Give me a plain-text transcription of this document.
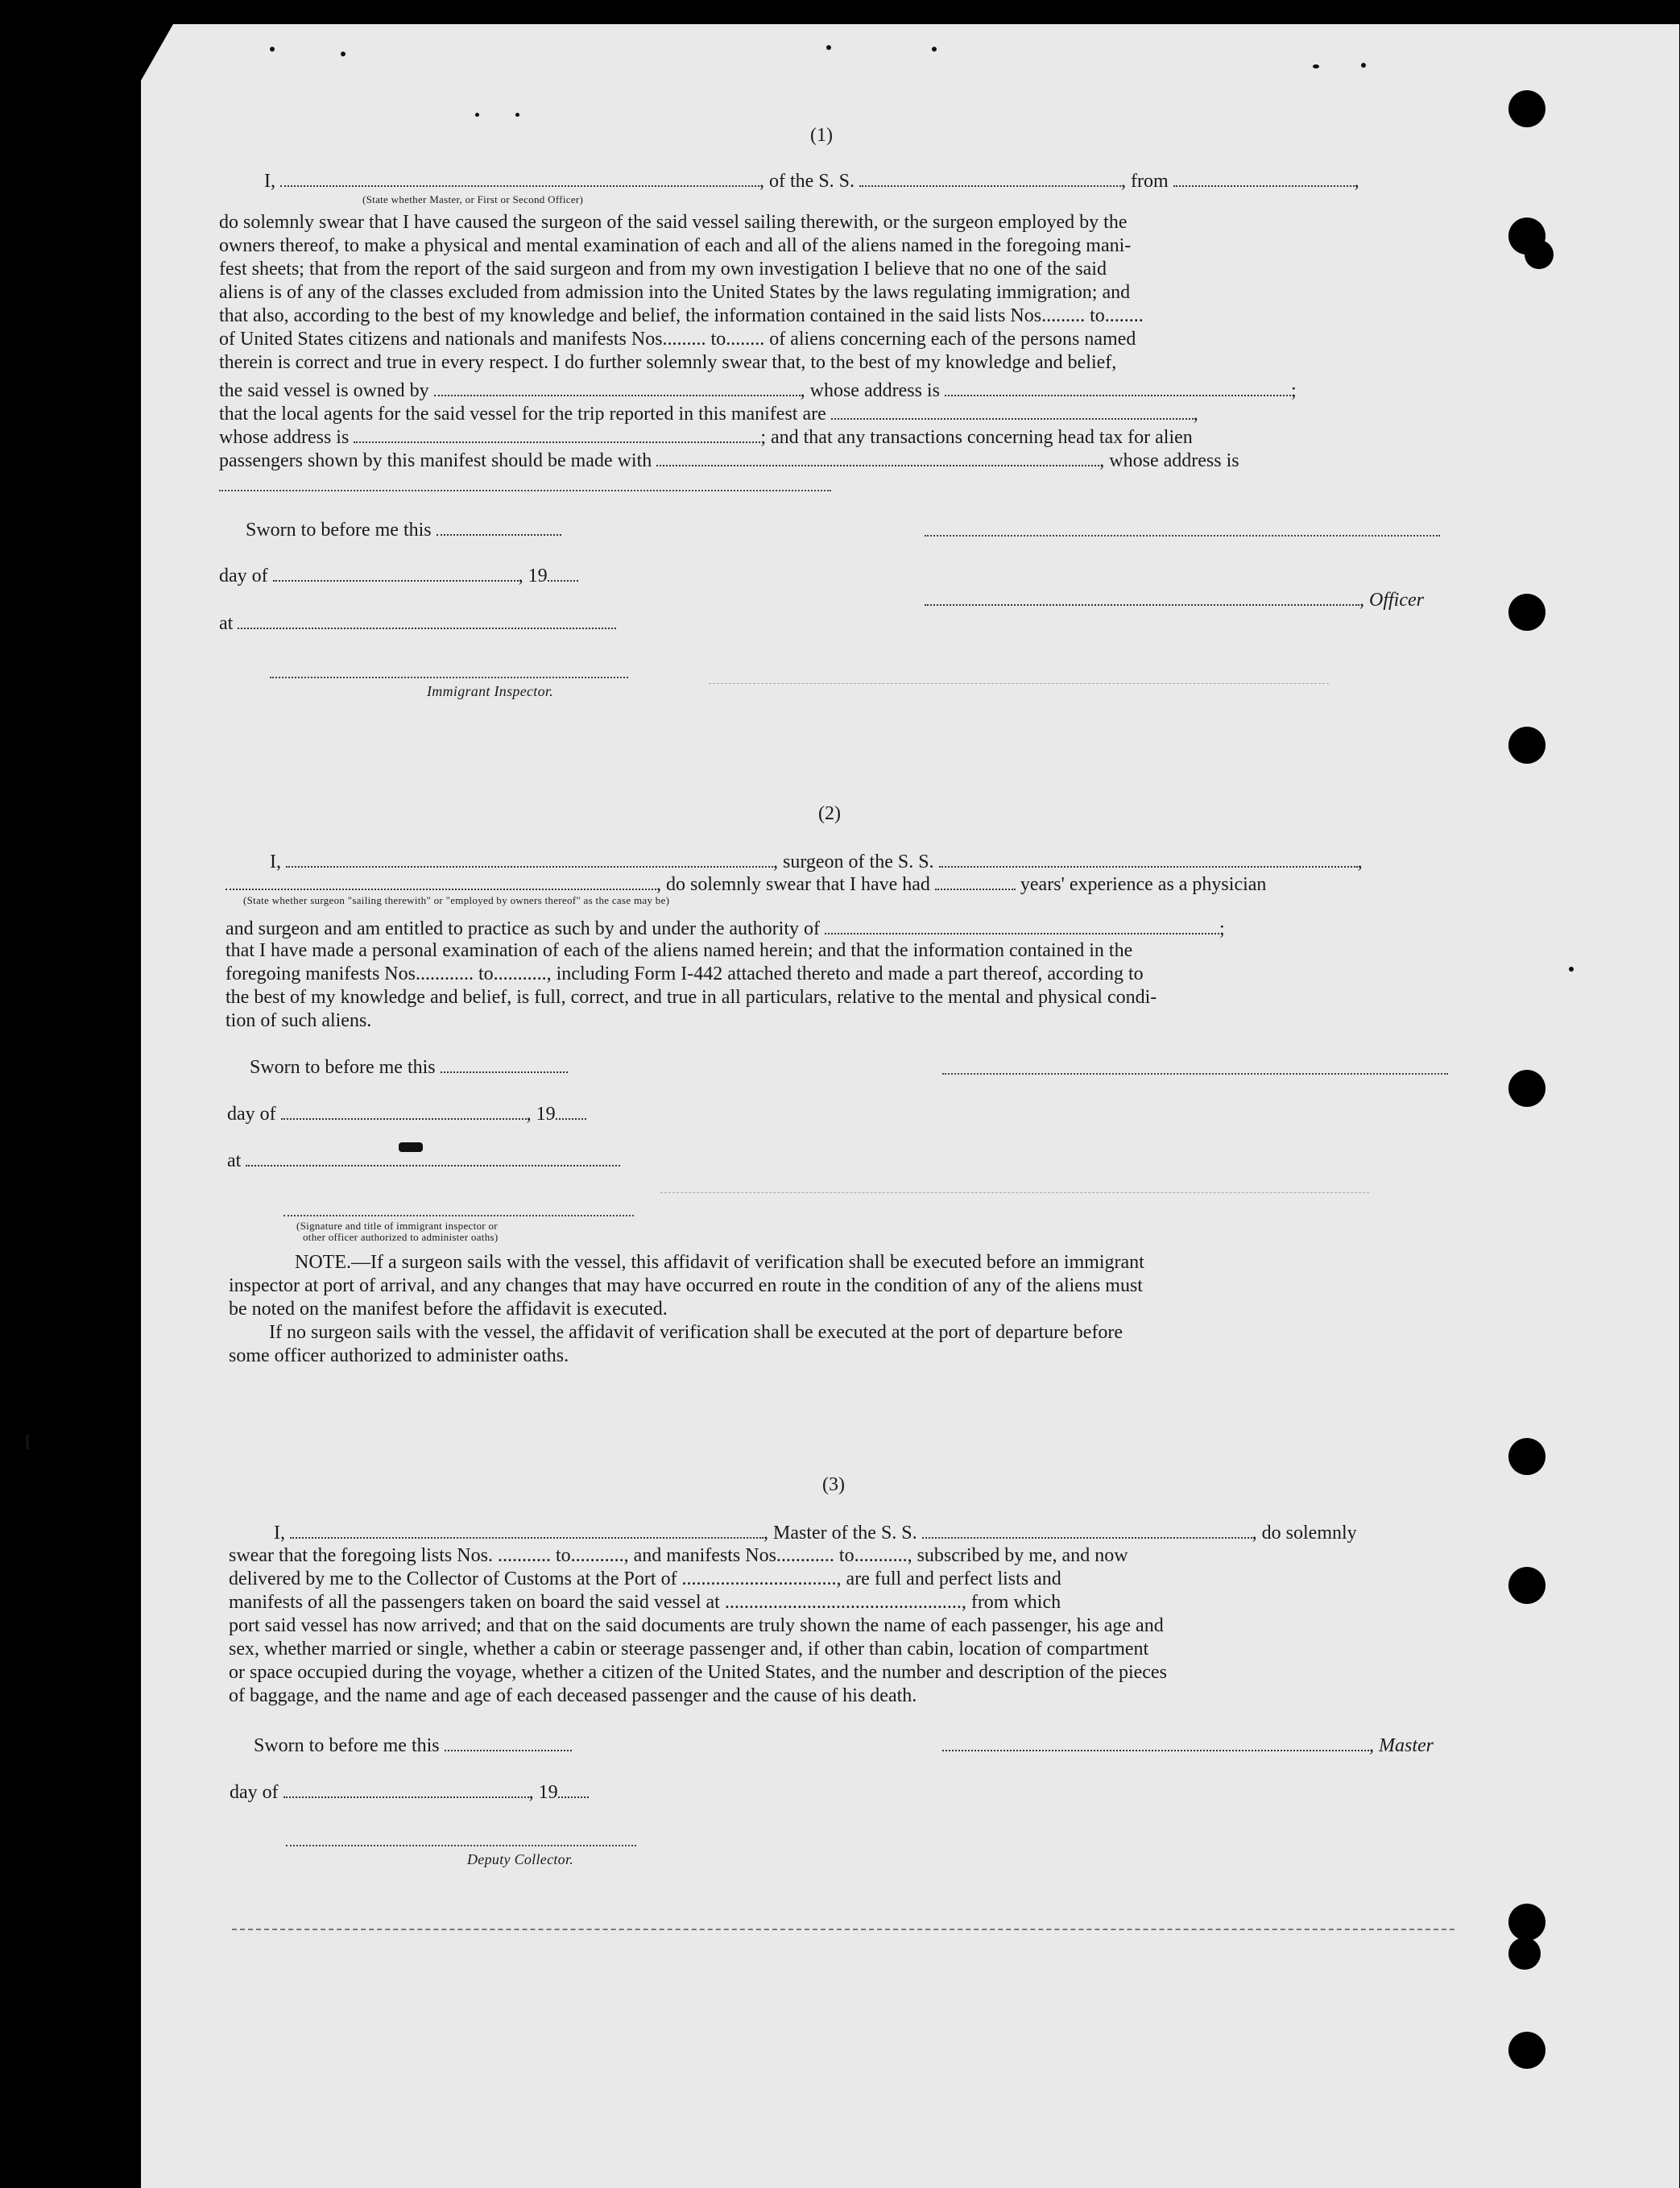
(1)
I,	, of the S. S.	, from	,
(State whether Master, or First or Second Officer)
do solemnly swear that I have caused the surgeon of the said vessel sailing therewith, or the surgeon employed by the
owners thereof, to make a physical and mental examination of each and all of the aliens named in the foregoing mani-
fest sheets; that from the report of the said surgeon and from my own investigation I believe that no one of the said
aliens is of any of the classes excluded from admission into the United States by the laws regulating immigration; and
that also, according to the best of my knowledge and belief, the information contained in the said lists Nos......... to........
of United States citizens and nationals and manifests Nos......... to........ of aliens concerning each of the persons named
therein is correct and true in every respect. I do further solemnly swear that, to the best of my knowledge and belief,
the said vessel is owned by	, whose address is	;
that the local agents for the said vessel for the trip reported in this manifest are	,
whose address is	; and that any transactions concerning head tax for alien
passengers shown by this manifest should be made with	, whose address is
Sworn to before me this
day of	, 19
, Officer
at
Immigrant Inspector.
(2)
I,	, surgeon of the S. S.	,
, do solemnly swear that I have had	years' experience as a physician
(State whether surgeon "sailing therewith" or "employed by owners thereof" as the case may be)
and surgeon and am entitled to practice as such by and under the authority of	;
that I have made a personal examination of each of the aliens named herein; and that the information contained in the
foregoing manifests Nos............ to..........., including Form I-442 attached thereto and made a part thereof, according to
the best of my knowledge and belief, is full, correct, and true in all particulars, relative to the mental and physical condi-
tion of such aliens.
Sworn to before me this
day of	, 19
at
(Signature and title of immigrant inspector or
other officer authorized to administer oaths)
NOTE.—If a surgeon sails with the vessel, this affidavit of verification shall be executed before an immigrant
inspector at port of arrival, and any changes that may have occurred en route in the condition of any of the aliens must
be noted on the manifest before the affidavit is executed.
If no surgeon sails with the vessel, the affidavit of verification shall be executed at the port of departure before
some officer authorized to administer oaths.
(3)
I,	, Master of the S. S.	, do solemnly
swear that the foregoing lists Nos. ........... to..........., and manifests Nos............ to..........., subscribed by me, and now
delivered by me to the Collector of Customs at the Port of ................................, are full and perfect lists and
manifests of all the passengers taken on board the said vessel at ................................................., from which
port said vessel has now arrived; and that on the said documents are truly shown the name of each passenger, his age and
sex, whether married or single, whether a cabin or steerage passenger and, if other than cabin, location of compartment
or space occupied during the voyage, whether a citizen of the United States, and the number and description of the pieces
of baggage, and the name and age of each deceased passenger and the cause of his death.
Sworn to before me this	, Master
day of	, 19
Deputy Collector.
